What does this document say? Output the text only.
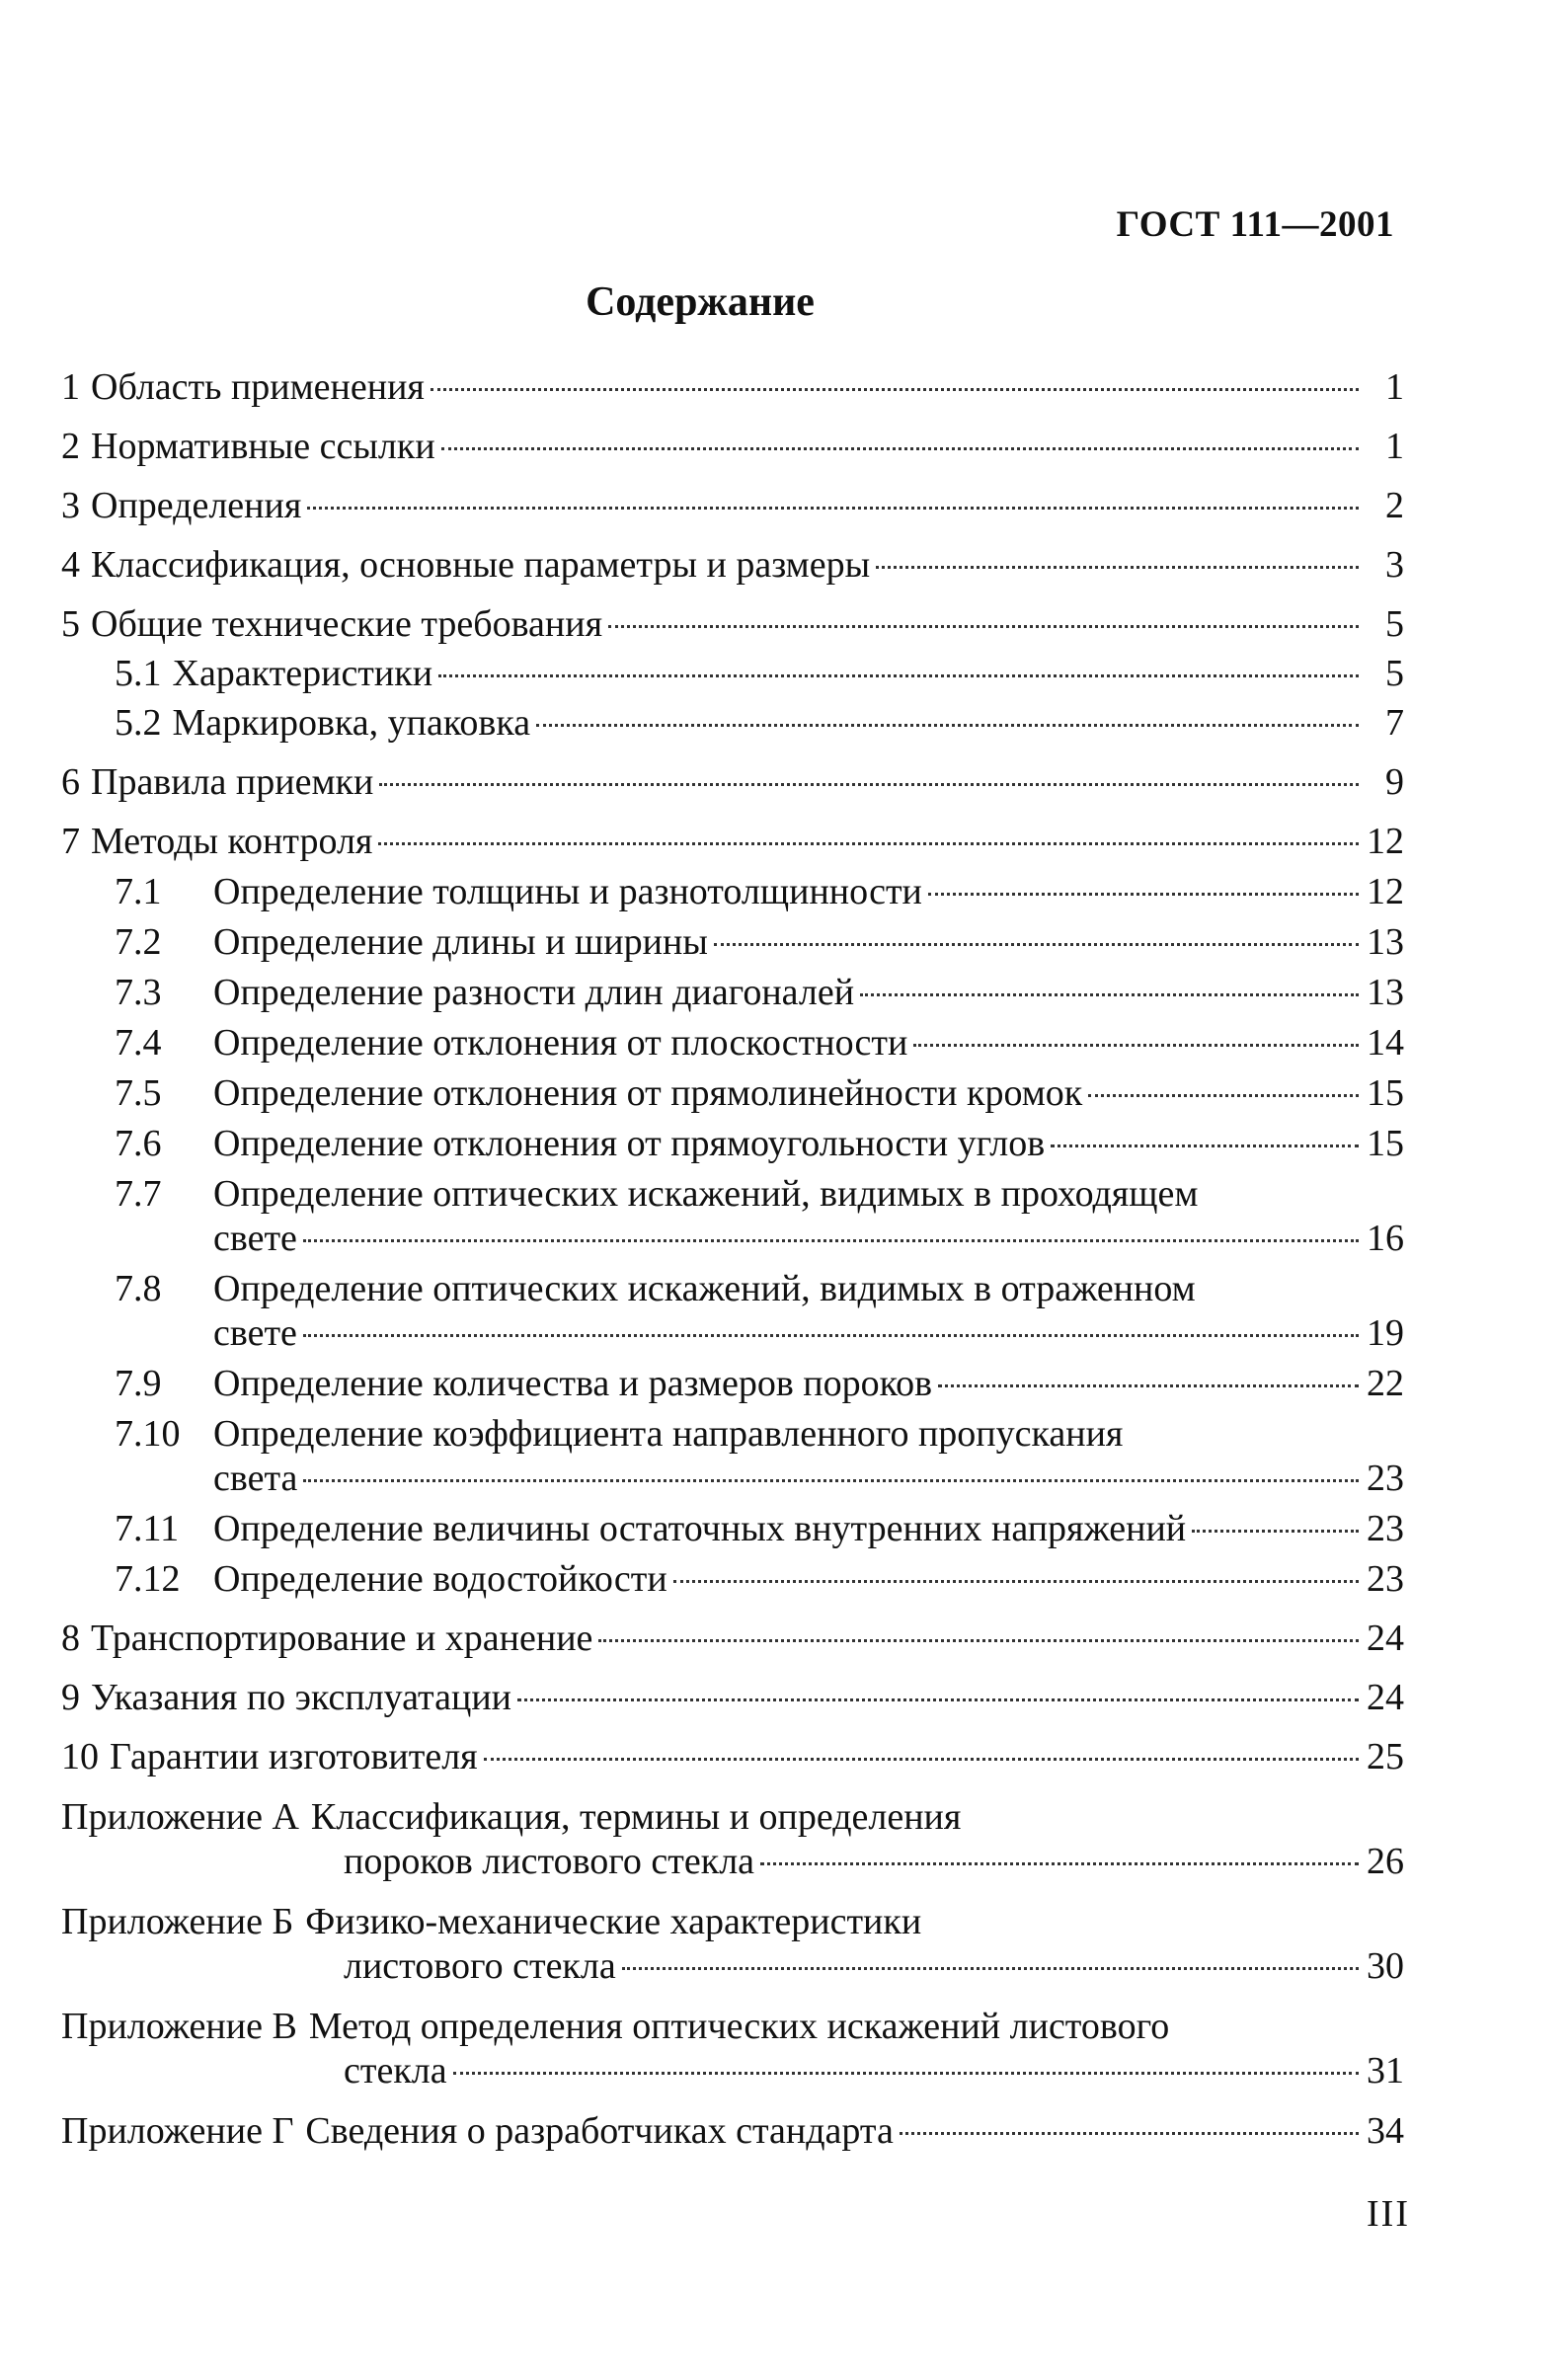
ГОСТ 111—2001
Содержание
1 Область применения	1
2 Нормативные ссылки	1
3 Определения	2
4 Классификация, основные параметры и размеры	3
5 Общие технические требования	5
5.1 Характеристики	5
5.2 Маркировка, упаковка	7
6 Правила приемки	9
7 Методы контроля	12
7.1	Определение толщины и разнотолщинности	12
7.2	Определение длины и ширины	13
7.3	Определение разности длин диагоналей	13
7.4	Определение отклонения от плоскостности	14
7.5	Определение отклонения от прямолинейности кромок	15
7.6	Определение отклонения от прямоугольности углов	15
7.7	Определение оптических искажений, видимых в проходящем
свете	16
7.8	Определение оптических искажений, видимых в отраженном
свете	19
7.9	Определение количества и размеров пороков	22
7.10 Определение коэффициента направленного пропускания
света	23
7.11 Определение величины остаточных внутренних напряжений	23
7.12 Определение водостойкости	23
8 Транспортирование и хранение	24
9 Указания по эксплуатации	24
10 Гарантии изготовителя	25
Приложение А Классификация, термины и определения
пороков листового стекла	26
Приложение Б Физико-механические характеристики
листового стекла	30
Приложение В Метод определения оптических искажений листового
стекла	31
Приложение Г Сведения о разработчиках стандарта	34
III
